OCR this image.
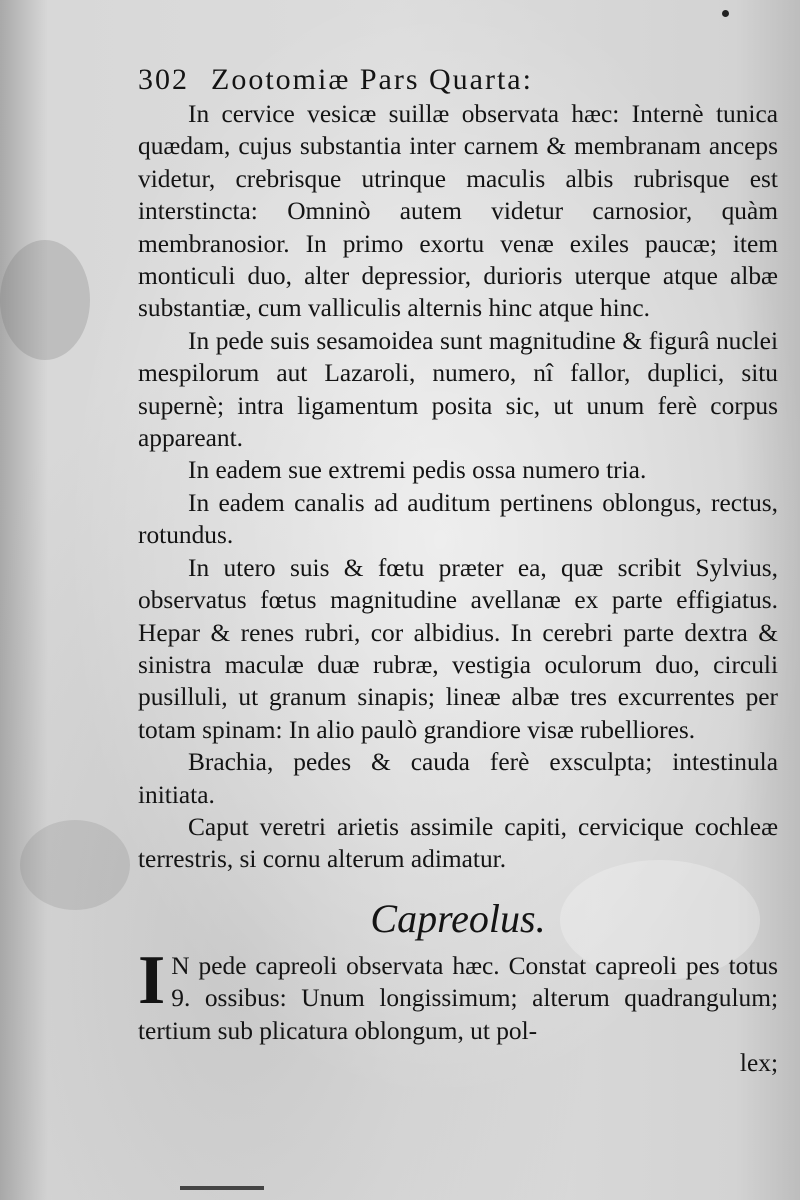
302 Zootomiæ Pars Quarta:

In cervice vesicæ suillæ observata hæc: Internè tunica quædam, cujus substantia inter carnem & membranam anceps videtur, crebrisque utrinque maculis albis rubrisque est interstincta: Omninò autem videtur carnosior, quàm membranosior. In primo exortu venæ exiles paucæ; item monticuli duo, alter depressior, durioris uterque atque albæ substantiæ, cum valliculis alternis hinc atque hinc.

In pede suis sesamoidea sunt magnitudine & figurâ nuclei mespilorum aut Lazaroli, numero, nî fallor, duplici, situ supernè; intra ligamentum posita sic, ut unum ferè corpus appareant.

In eadem sue extremi pedis ossa numero tria.

In eadem canalis ad auditum pertinens oblongus, rectus, rotundus.

In utero suis & fœtu præter ea, quæ scribit Sylvius, observatus fœtus magnitudine avellanæ ex parte effigiatus. Hepar & renes rubri, cor albidius. In cerebri parte dextra & sinistra maculæ duæ rubræ, vestigia oculorum duo, circuli pusilluli, ut granum sinapis; lineæ albæ tres excurrentes per totam spinam: In alio paulò grandiore visæ rubelliores.

Brachia, pedes & cauda ferè exsculpta; intestinula initiata.

Caput veretri arietis assimile capiti, cervicique cochleæ terrestris, si cornu alterum adimatur.

Capreolus.

I N pede capreoli observata hæc. Constat capreoli pes totus 9. ossibus: Unum longissimum; alterum quadrangulum; tertium sub plicatura oblongum, ut pol-

lex;
